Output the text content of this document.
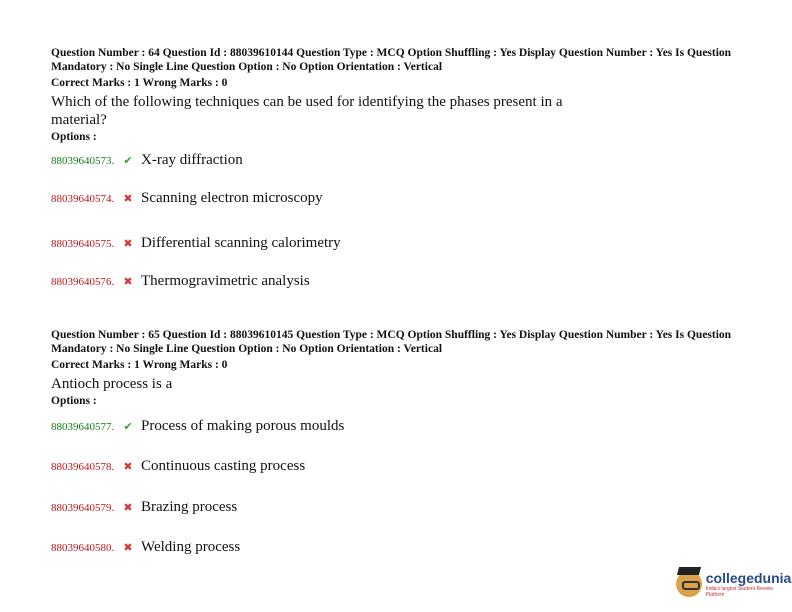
Question Number : 64 Question Id : 88039610144 Question Type : MCQ Option Shuffling : Yes Display Question Number : Yes Is Question Mandatory : No Single Line Question Option : No Option Orientation : Vertical
Correct Marks : 1 Wrong Marks : 0
Which of the following techniques can be used for identifying the phases present in a material?
Options :
88039640573. ✔ X-ray diffraction
88039640574. ✖ Scanning electron microscopy
88039640575. ✖ Differential scanning calorimetry
88039640576. ✖ Thermogravimetric analysis
Question Number : 65 Question Id : 88039610145 Question Type : MCQ Option Shuffling : Yes Display Question Number : Yes Is Question Mandatory : No Single Line Question Option : No Option Orientation : Vertical
Correct Marks : 1 Wrong Marks : 0
Antioch process is a
Options :
88039640577. ✔ Process of making porous moulds
88039640578. ✖ Continuous casting process
88039640579. ✖ Brazing process
88039640580. ✖ Welding process
collegedunia
India's largest Student Review Platform
